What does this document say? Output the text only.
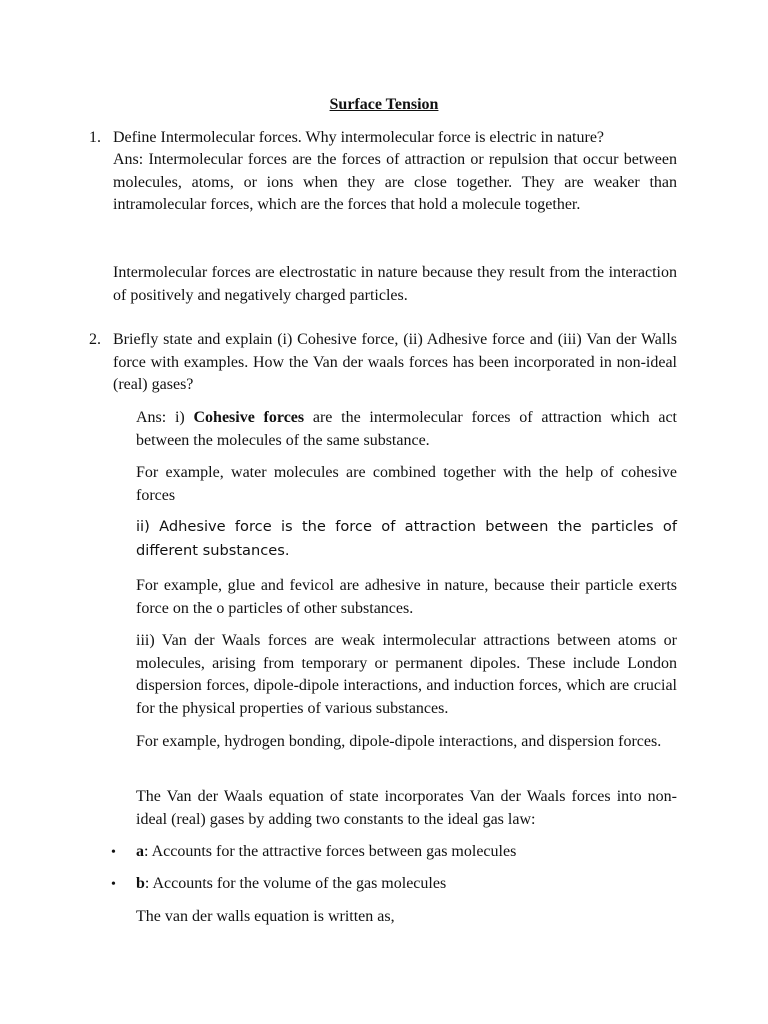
Surface Tension
1. Define Intermolecular forces. Why intermolecular force is electric in nature?
Ans: Intermolecular forces are the forces of attraction or repulsion that occur between molecules, atoms, or ions when they are close together. They are weaker than intramolecular forces, which are the forces that hold a molecule together.
Intermolecular forces are electrostatic in nature because they result from the interaction of positively and negatively charged particles.
2. Briefly state and explain (i) Cohesive force, (ii) Adhesive force and (iii) Van der Walls force with examples. How the Van der waals forces has been incorporated in non-ideal (real) gases?
Ans: i) Cohesive forces are the intermolecular forces of attraction which act between the molecules of the same substance.
For example, water molecules are combined together with the help of cohesive forces
ii) Adhesive force is the force of attraction between the particles of different substances.
For example, glue and fevicol are adhesive in nature, because their particle exerts force on the o particles of other substances.
iii) Van der Waals forces are weak intermolecular attractions between atoms or molecules, arising from temporary or permanent dipoles. These include London dispersion forces, dipole-dipole interactions, and induction forces, which are crucial for the physical properties of various substances.
For example, hydrogen bonding, dipole-dipole interactions, and dispersion forces.
The Van der Waals equation of state incorporates Van der Waals forces into non-ideal (real) gases by adding two constants to the ideal gas law:
• a: Accounts for the attractive forces between gas molecules
• b: Accounts for the volume of the gas molecules
The van der walls equation is written as,
